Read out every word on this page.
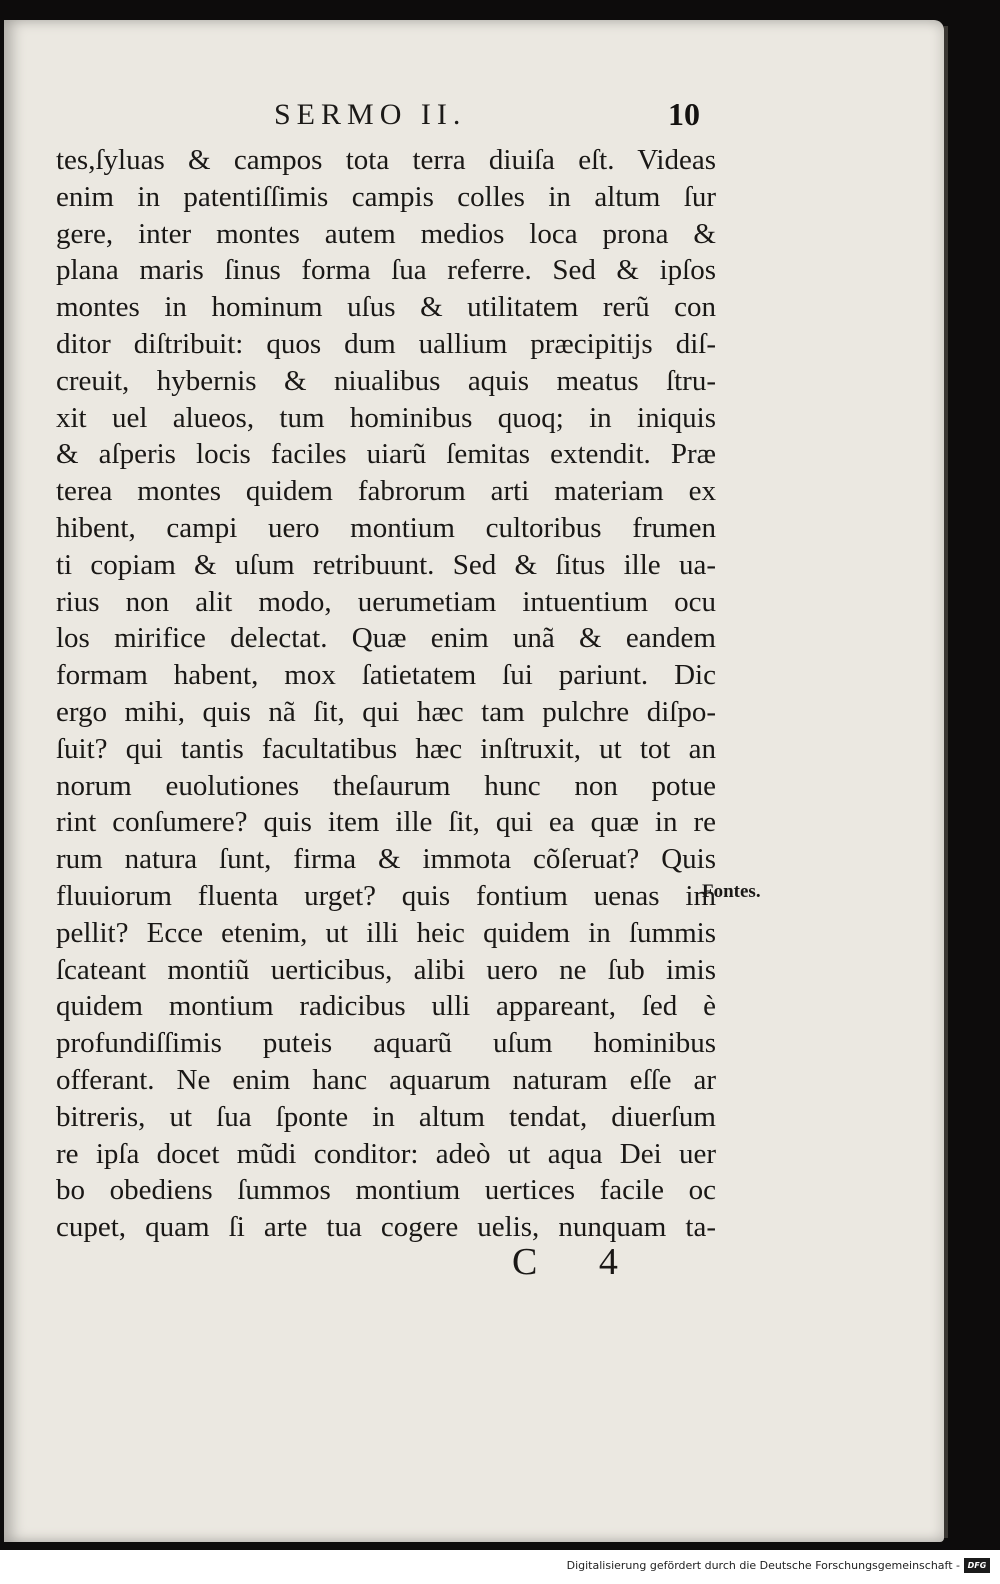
SERMO II.	10
tes,ſyluas & campos tota terra diuiſa eſt. Videas
enim in patentiſſimis campis colles in altum ſur
gere, inter montes autem medios loca prona &
plana maris ſinus forma ſua referre. Sed & ipſos
montes in hominum uſus & utilitatem rerũ con
ditor diſtribuit: quos dum uallium præcipitijs diſ-
creuit, hybernis & niualibus aquis meatus ſtru-
xit uel alueos, tum hominibus quoq; in iniquis
& aſperis locis faciles uiarũ ſemitas extendit. Præ
terea montes quidem fabrorum arti materiam ex
hibent, campi uero montium cultoribus frumen
ti copiam & uſum retribuunt. Sed & ſitus ille ua-
rius non alit modo, uerumetiam intuentium ocu
los mirifice delectat. Quæ enim unã & eandem
formam habent, mox ſatietatem ſui pariunt. Dic
ergo mihi, quis nã ſit, qui hæc tam pulchre diſpo-
ſuit? qui tantis facultatibus hæc inſtruxit, ut tot an
norum euolutiones theſaurum hunc non potue
rint conſumere? quis item ille ſit, qui ea quæ in re
rum natura ſunt, firma & immota cõſeruat? Quis
fluuiorum fluenta urget? quis fontium uenas im
pellit? Ecce etenim, ut illi heic quidem in ſummis
ſcateant montiũ uerticibus, alibi uero ne ſub imis
quidem montium radicibus ulli appareant, ſed è
profundiſſimis puteis aquarũ uſum hominibus
offerant. Ne enim hanc aquarum naturam eſſe ar
bitreris, ut ſua ſponte in altum tendat, diuerſum
re ipſa docet mũdi conditor: adeò ut aqua Dei uer
bo obediens ſummos montium uertices facile oc
cupet, quam ſi arte tua cogere uelis, nunquam ta-
Fontes.
C 4
Digitalisierung gefördert durch die Deutsche Forschungsgemeinschaft - DFG
